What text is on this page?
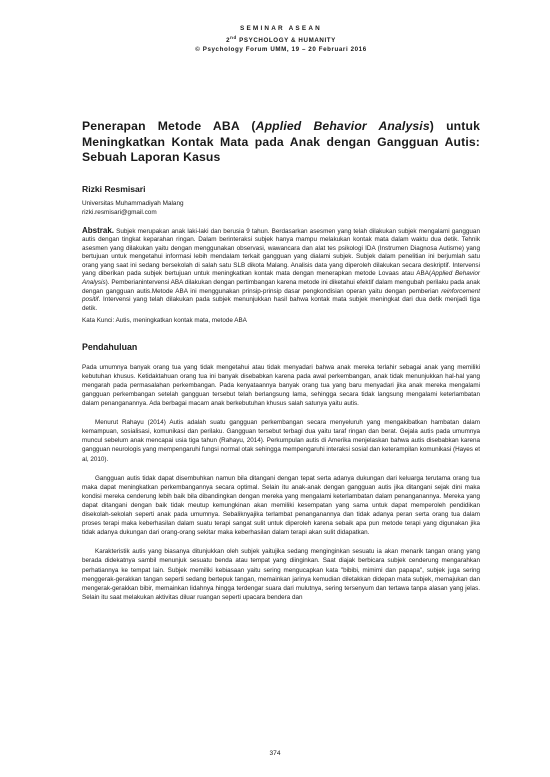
SEMINAR ASEAN
2nd PSYCHOLOGY & HUMANITY
© Psychology Forum UMM, 19 – 20 Februari 2016
Penerapan Metode ABA (Applied Behavior Analysis) untuk Meningkatkan Kontak Mata pada Anak dengan Gangguan Autis: Sebuah Laporan Kasus
Rizki Resmisari
Universitas Muhammadiyah Malang
rizki.resmisari@gmail.com
Abstrak. Subjek merupakan anak laki-laki dan berusia 9 tahun. Berdasarkan asesmen yang telah dilakukan subjek mengalami gangguan autis dengan tingkat keparahan ringan. Dalam berinteraksi subjek hanya mampu melakukan kontak mata dalam waktu dua detik. Tehnik asesmen yang dilakukan yaitu dengan menggunakan observasi, wawancara dan alat tes psikologi IDA (Instrumen Diagnosa Autisme) yang bertujuan untuk mengetahui informasi lebih mendalam terkait gangguan yang dialami subjek. Subjek dalam penelitian ini berjumlah satu orang yang saat ini sedang bersekolah di salah satu SLB dikota Malang. Analisis data yang diperoleh dilakukan secara deskriptif. Intervensi yang diberikan pada subjek bertujuan untuk meningkatkan kontak mata dengan menerapkan metode Lovaas atau ABA(Applied Behavior Analysis). Pemberianintervensi ABA dilakukan dengan pertimbangan karena metode ini diketahui efektif dalam mengubah perilaku pada anak dengan gangguan autis.Metode ABA ini menggunakan prinsip-prinsip dasar pengkondisian operan yaitu dengan pemberian reinforcement positif. Intervensi yang telah dilakukan pada subjek menunjukkan hasil bahwa kontak mata subjek meningkat dari dua detik menjadi tiga detik.
Kata Kunci: Autis, meningkatkan kontak mata, metode ABA
Pendahuluan
Pada umumnya banyak orang tua yang tidak mengetahui atau tidak menyadari bahwa anak mereka terlahir sebagai anak yang memiliki kebutuhan khusus. Ketidaktahuan orang tua ini banyak disebabkan karena pada awal perkembangan, anak tidak menunjukkan hal-hal yang mengarah pada permasalahan perkembangan. Pada kenyataannya banyak orang tua yang baru menyadari jika anak mereka mengalami gangguan perkembangan setelah gangguan tersebut telah berlangsung lama, sehingga secara tidak langsung mengalami keterlambatan dalam penanganannya. Ada berbagai macam anak berkebutuhan khusus salah satunya yaitu autis.
Menurut Rahayu (2014) Autis adalah suatu gangguan perkembangan secara menyeluruh yang mengakibatkan hambatan dalam kemampuan, sosialisasi, komunikasi dan perilaku. Gangguan tersebut terbagi dua yaitu taraf ringan dan berat. Gejala autis pada umumnya muncul sebelum anak mencapai usia tiga tahun (Rahayu, 2014). Perkumpulan autis di Amerika menjelaskan bahwa autis disebabkan karena gangguan neurologis yang mempengaruhi fungsi normal otak sehingga mempengaruhi interaksi sosial dan keterampilan komunikasi (Hayes et al, 2010).
Gangguan autis tidak dapat disembuhkan namun bila ditangani dengan tepat serta adanya dukungan dari keluarga terutama orang tua maka dapat meningkatkan perkembangannya secara optimal. Selain itu anak-anak dengan gangguan autis jika ditangani sejak dini maka kondisi mereka cenderung lebih baik bila dibandingkan dengan mereka yang mengalami keterlambatan dalam penanganannya. Mereka yang dapat ditangani dengan baik tidak meutup kemungkinan akan memiliki kesempatan yang sama untuk dapat memperoleh pendidikan disekolah-sekolah seperti anak pada umumnya. Sebaliknyajika terlambat penanganannya dan tidak adanya peran serta orang tua dalam proses terapi maka keberhasilan dalam suatu terapi sangat sulit untuk diperoleh karena sebaik apa pun metode terapi yang digunakan jika tidak adanya dukungan dari orang-orang sekitar maka keberhasilan dalam terapi akan sulit didapatkan.
Karakteristik autis yang biasanya ditunjukkan oleh subjek yaitujika sedang menginginkan sesuatu ia akan menarik tangan orang yang berada didekatnya sambil menunjuk sesuatu benda atau tempat yang diinginkan. Saat diajak berbicara subjek cenderung mengarahkan perhatiannya ke tempat lain. Subjek memiliki kebiasaan yaitu sering mengucapkan kata "bibibi, mimimi dan papapa", subjek juga sering menggerak-gerakkan tangan seperti sedang bertepuk tangan, memainkan jarinya kemudian diletakkan didepan mata subjek, memajukan dan mengerak-gerakkan bibir, memainkan lidahnya hingga terdengar suara dari mulutnya, sering tersenyum dan tertawa tanpa alasan yang jelas. Selain itu saat melakukan aktivitas diluar ruangan seperti upacara bendera dan
374
